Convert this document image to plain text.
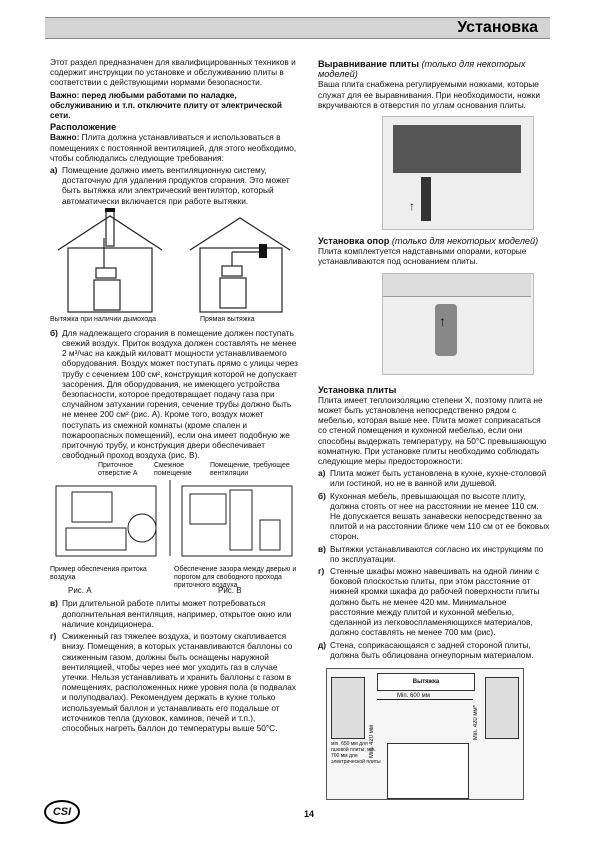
Установка

Этот раздел предназначен для квалифицированных техников и содержит инструкции по установке и обслуживанию плиты в соответствии с действующими нормами безопасности.

Важно: перед любыми работами по наладке, обслуживанию и т.п. отключите плиту от электрической сети.

Расположение

Важно: Плита должна устанавливаться и использоваться в помещениях с постоянной вентиляцией, для этого необходимо, чтобы соблюдались следующие требования:

а) Помещение должно иметь вентиляционную систему, достаточную для удаления продуктов сгорания. Это может быть вытяжка или электрический вентилятор, который автоматически включается при работе вытяжки.
Вытяжка при наличии дымохода	Прямая вытяжка
б) Для надлежащего сгорания в помещение должен поступать свежий воздух. Приток воздуха должен составлять не менее 2 м³/час на каждый киловатт мощности устанавливаемого оборудования. Воздух может поступать прямо с улицы через трубу с сечением 100 см², конструкция которой не допускает засорения. Для оборудования, не имеющего устройства безопасности, которое предотвращает подачу газа при случайном затухании горения, сечение трубы должно быть не менее 200 см² (рис. А). Кроме того, воздух может поступать из смежной комнаты (кроме спален и пожароопасных помещений), если она имеет подобную же приточную трубу, и конструкция двери обеспечивает свободный проход воздуха (рис. В).
Приточное отверстие А
Смежное помещение
Помещение, требующее вентиляции
Пример обеспечения притока воздуха
Обеспечение зазора между дверью и порогом для свободного прохода приточного воздуха
Рис. А	Рис. В
в) При длительной работе плиты может потребоваться дополнительная вентиляция, например, открытое окно или наличие кондиционера.
г) Сжиженный газ тяжелее воздуха, и поэтому скапливается внизу. Помещения, в которых устанавливаются баллоны со сжиженным газом, должны быть оснащены наружной вентиляцией, чтобы через нее мог уходить газ в случае утечки. Нельзя устанавливать и хранить баллоны с газом в помещениях, расположенных ниже уровня пола (в подвалах и полуподвалах). Рекомендуем держать в кухне только используемый баллон и устанавливать его подальше от источников тепла (духовок, каминов, печей и т.п.), способных нагреть баллон до температуры выше 50°С.
Выравнивание плиты (только для некоторых моделей)

Ваша плита снабжена регулируемыми ножками, которые служат для ее выравнивания. При необходимости, ножки вкручиваются в отверстия по углам основания плиты.

↑
Установка опор (только для некоторых моделей)

Плита комплектуется надставными опорами, которые устанавливаются под основанием плиты.

↑
Установка плиты

Плита имеет теплоизоляцию степени X, поэтому плита не может быть установлена непосредственно рядом с мебелью, которая выше нее. Плита может соприкасаться со стеной помещения и кухонной мебелью, если они способны выдержать температуру, на 50°С превышающую комнатную. При установке плиты необходимо соблюдать следующие меры предосторожности:

а) Плита может быть установлена в кухне, кухне-столовой или гостиной, но не в ванной или душевой.
б) Кухонная мебель, превышающая по высоте плиту, должна стоять от нее на расстоянии не менее 110 см. Не допускается вешать занавески непосредственно за плитой и на расстоянии ближе чем 110 см от ее боковых сторон.
в) Вытяжки устанавливаются согласно их инструкциям по по эксплуатации.
г) Стенные шкафы можно навешивать на одной линии с боковой плоскостью плиты, при этом расстояние от нижней кромки шкафа до рабочей поверхности плиты должно быть не менее 420 мм. Минимальное расстояние между плитой и кухонной мебелью, сделанной из легковоспламеняющихся материалов, должно составлять не менее 700 мм (рис).
д) Стена, соприкасающаяся с задней стороной плиты, должна быть облицована огнеупорным материалом.
Вытяжка
Мin. 600 мм
Мin. 420 мм
Мin. 420 мм*
мin. 650 мм для газовой плиты; мin. 700 мм для электрической плиты
CSI	14
